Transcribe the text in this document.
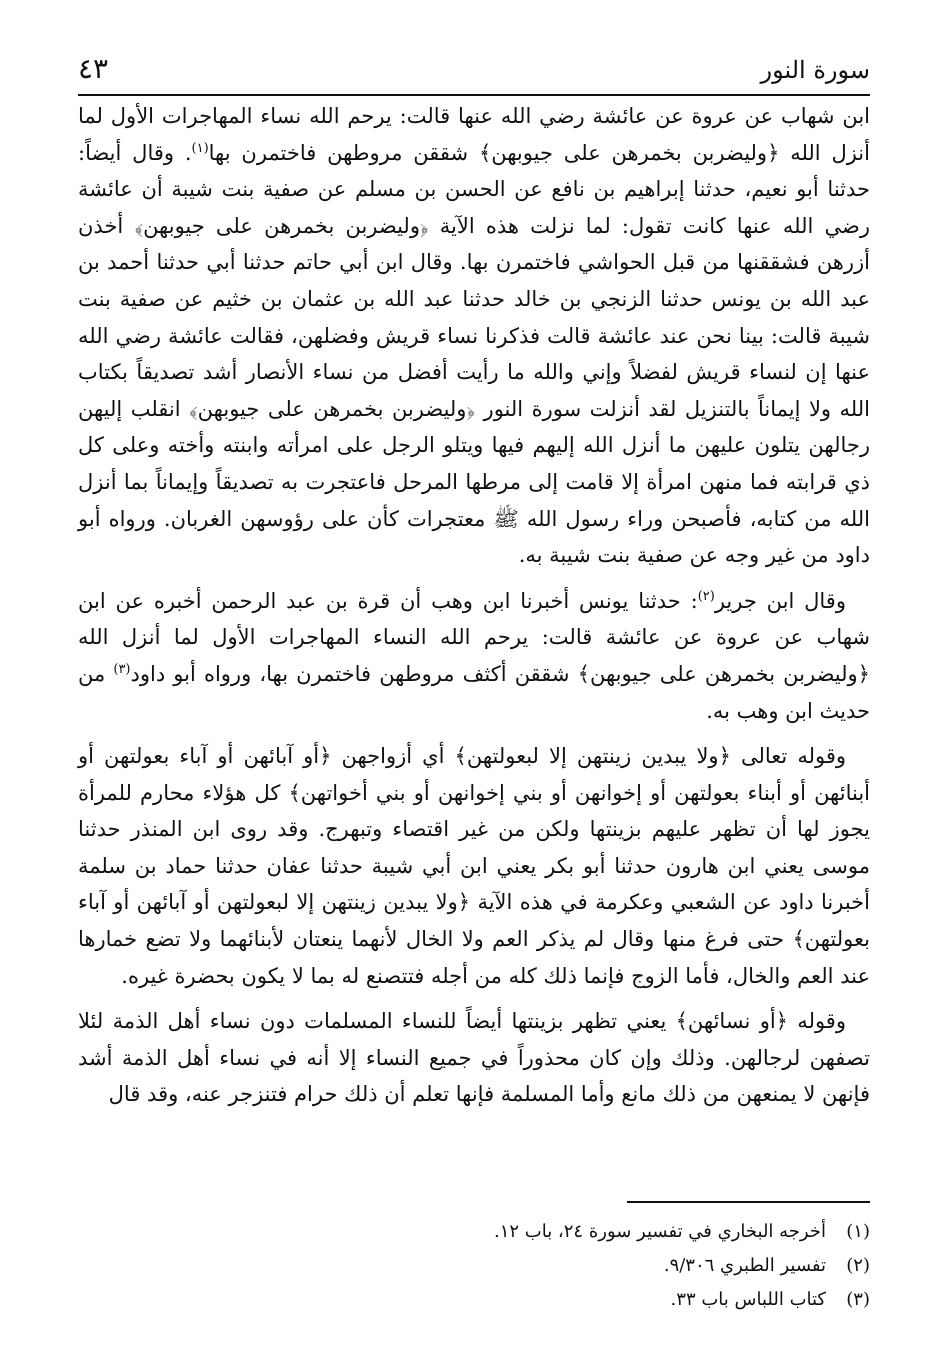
سورة النور
٤٣

ابن شهاب عن عروة عن عائشة رضي الله عنها قالت: يرحم الله نساء المهاجرات الأول لما أنزل الله ﴿وليضربن بخمرهن على جيوبهن﴾ شققن مروطهن فاختمرن بها$^{(١)}$. وقال أيضاً: حدثنا أبو نعيم، حدثنا إبراهيم بن نافع عن الحسن بن مسلم عن صفية بنت شيبة أن عائشة رضي الله عنها كانت تقول: لما نزلت هذه الآية ﴿وليضربن بخمرهن على جيوبهن﴾ أخذن أزرهن فشققنها من قبل الحواشي فاختمرن بها. وقال ابن أبي حاتم حدثنا أبي حدثنا أحمد بن عبد الله بن يونس حدثنا الزنجي بن خالد حدثنا عبد الله بن عثمان بن خثيم عن صفية بنت شيبة قالت: بينا نحن عند عائشة قالت فذكرنا نساء قريش وفضلهن، فقالت عائشة رضي الله عنها إن لنساء قريش لفضلاً وإني والله ما رأيت أفضل من نساء الأنصار أشد تصديقاً بكتاب الله ولا إيماناً بالتنزيل لقد أنزلت سورة النور ﴿وليضربن بخمرهن على جيوبهن﴾ انقلب إليهن رجالهن يتلون عليهن ما أنزل الله إليهم فيها ويتلو الرجل على امرأته وابنته وأخته وعلى كل ذي قرابته فما منهن امرأة إلا قامت إلى مرطها المرحل فاعتجرت به تصديقاً وإيماناً بما أنزل الله من كتابه، فأصبحن وراء رسول الله ﷺ معتجرات كأن على رؤوسهن الغربان. ورواه أبو داود من غير وجه عن صفية بنت شيبة به.

وقال ابن جرير$^{(٢)}$: حدثنا يونس أخبرنا ابن وهب أن قرة بن عبد الرحمن أخبره عن ابن شهاب عن عروة عن عائشة قالت: يرحم الله النساء المهاجرات الأول لما أنزل الله ﴿وليضربن بخمرهن على جيوبهن﴾ شققن أكثف مروطهن فاختمرن بها، ورواه أبو داود$^{(٣)}$ من حديث ابن وهب به.

وقوله تعالى ﴿ولا يبدين زينتهن إلا لبعولتهن﴾ أي أزواجهن ﴿أو آبائهن أو آباء بعولتهن أو أبنائهن أو أبناء بعولتهن أو إخوانهن أو بني إخوانهن أو بني أخواتهن﴾ كل هؤلاء محارم للمرأة يجوز لها أن تظهر عليهم بزينتها ولكن من غير اقتصاء وتبهرج. وقد روى ابن المنذر حدثنا موسى يعني ابن هارون حدثنا أبو بكر يعني ابن أبي شيبة حدثنا عفان حدثنا حماد بن سلمة أخبرنا داود عن الشعبي وعكرمة في هذه الآية ﴿ولا يبدين زينتهن إلا لبعولتهن أو آبائهن أو آباء بعولتهن﴾ حتى فرغ منها وقال لم يذكر العم ولا الخال لأنهما ينعتان لأبنائهما ولا تضع خمارها عند العم والخال، فأما الزوج فإنما ذلك كله من أجله فتتصنع له بما لا يكون بحضرة غيره.

وقوله ﴿أو نسائهن﴾ يعني تظهر بزينتها أيضاً للنساء المسلمات دون نساء أهل الذمة لئلا تصفهن لرجالهن. وذلك وإن كان محذوراً في جميع النساء إلا أنه في نساء أهل الذمة أشد فإنهن لا يمنعهن من ذلك مانع وأما المسلمة فإنها تعلم أن ذلك حرام فتنزجر عنه، وقد قال

(١)
أخرجه البخاري في تفسير سورة ٢٤، باب ١٢.
(٢)
تفسير الطبري ٩/٣٠٦.
(٣)
كتاب اللباس باب ٣٣.
